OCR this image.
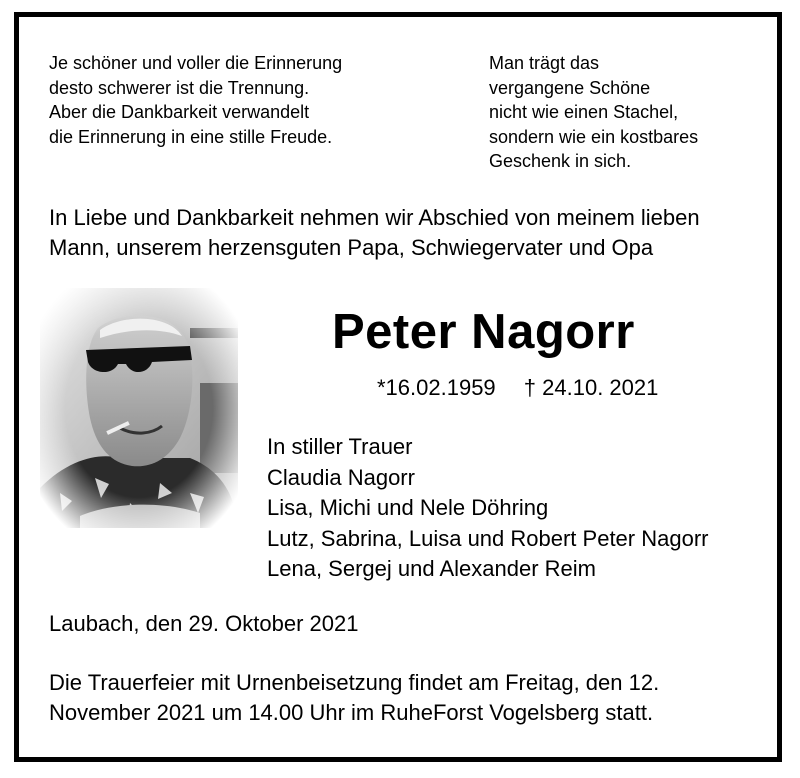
Je schöner und voller die Erinnerung
desto schwerer ist die Trennung.
Aber die Dankbarkeit verwandelt
die Erinnerung in eine stille Freude.
Man trägt das
vergangene Schöne
nicht wie einen Stachel,
sondern wie ein kostbares
Geschenk in sich.
In Liebe und Dankbarkeit nehmen wir Abschied von meinem lieben
Mann, unserem herzensguten Papa, Schwiegervater und Opa
Peter Nagorr
*16.02.1959 † 24.10. 2021
In stiller Trauer
Claudia Nagorr
Lisa, Michi und Nele Döhring
Lutz, Sabrina, Luisa und Robert Peter Nagorr
Lena, Sergej und Alexander Reim
Laubach, den 29. Oktober 2021
Die Trauerfeier mit Urnenbeisetzung findet am Freitag, den 12.
November 2021 um 14.00 Uhr im RuheForst Vogelsberg statt.
